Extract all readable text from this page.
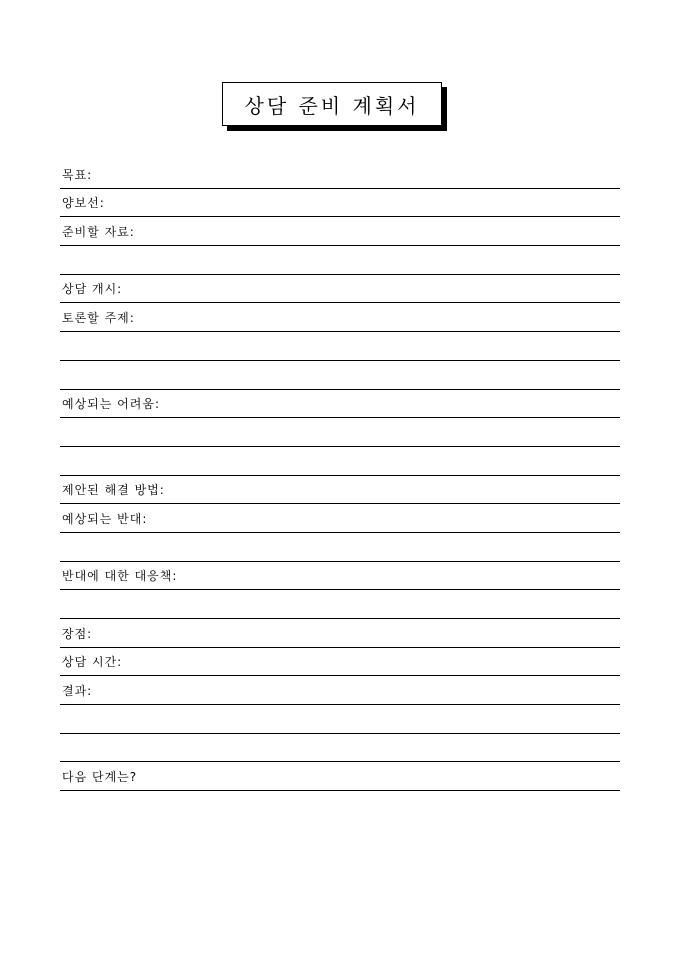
상담 준비 계획서
목표:
양보선:
준비할 자료:
상담 개시:
토론할 주제:
예상되는 어려움:
제안된 해결 방법:
예상되는 반대:
반대에 대한 대응책:
장점:
상담 시간:
결과:
다음 단계는?
